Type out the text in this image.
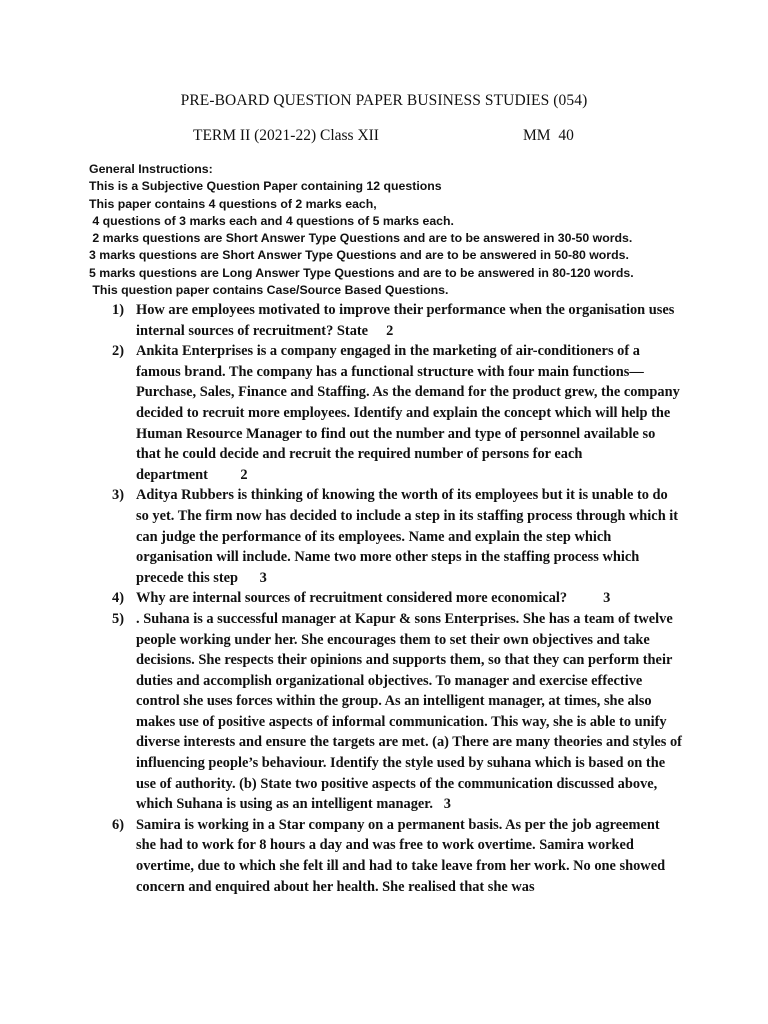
PRE-BOARD QUESTION PAPER BUSINESS STUDIES (054)
TERM II (2021-22) Class XII	MM  40
General Instructions:
This is a Subjective Question Paper containing 12 questions
This paper contains 4 questions of 2 marks each,
4 questions of 3 marks each and 4 questions of 5 marks each.
2 marks questions are Short Answer Type Questions and are to be answered in 30-50 words.
3 marks questions are Short Answer Type Questions and are to be answered in 50-80 words.
5 marks questions are Long Answer Type Questions and are to be answered in 80-120 words.
This question paper contains Case/Source Based Questions.
1) How are employees motivated to improve their performance when the organisation uses internal sources of recruitment? State 2
2) Ankita Enterprises is a company engaged in the marketing of air-conditioners of a famous brand. The company has a functional structure with four main functions— Purchase, Sales, Finance and Staffing. As the demand for the product grew, the company decided to recruit more employees. Identify and explain the concept which will help the Human Resource Manager to find out the number and type of personnel available so that he could decide and recruit the required number of persons for each department 2
3) Aditya Rubbers is thinking of knowing the worth of its employees but it is unable to do so yet. The firm now has decided to include a step in its staffing process through which it can judge the performance of its employees. Name and explain the step which organisation will include. Name two more other steps in the staffing process which precede this step 3
4) Why are internal sources of recruitment considered more economical? 3
5) . Suhana is a successful manager at Kapur & sons Enterprises. She has a team of twelve people working under her. She encourages them to set their own objectives and take decisions. She respects their opinions and supports them, so that they can perform their duties and accomplish organizational objectives. To manager and exercise effective control she uses forces within the group. As an intelligent manager, at times, she also makes use of positive aspects of informal communication. This way, she is able to unify diverse interests and ensure the targets are met. (a) There are many theories and styles of influencing people’s behaviour. Identify the style used by suhana which is based on the use of authority. (b) State two positive aspects of the communication discussed above, which Suhana is using as an intelligent manager. 3
6) Samira is working in a Star company on a permanent basis. As per the job agreement she had to work for 8 hours a day and was free to work overtime. Samira worked overtime, due to which she felt ill and had to take leave from her work. No one showed concern and enquired about her health. She realised that she was
